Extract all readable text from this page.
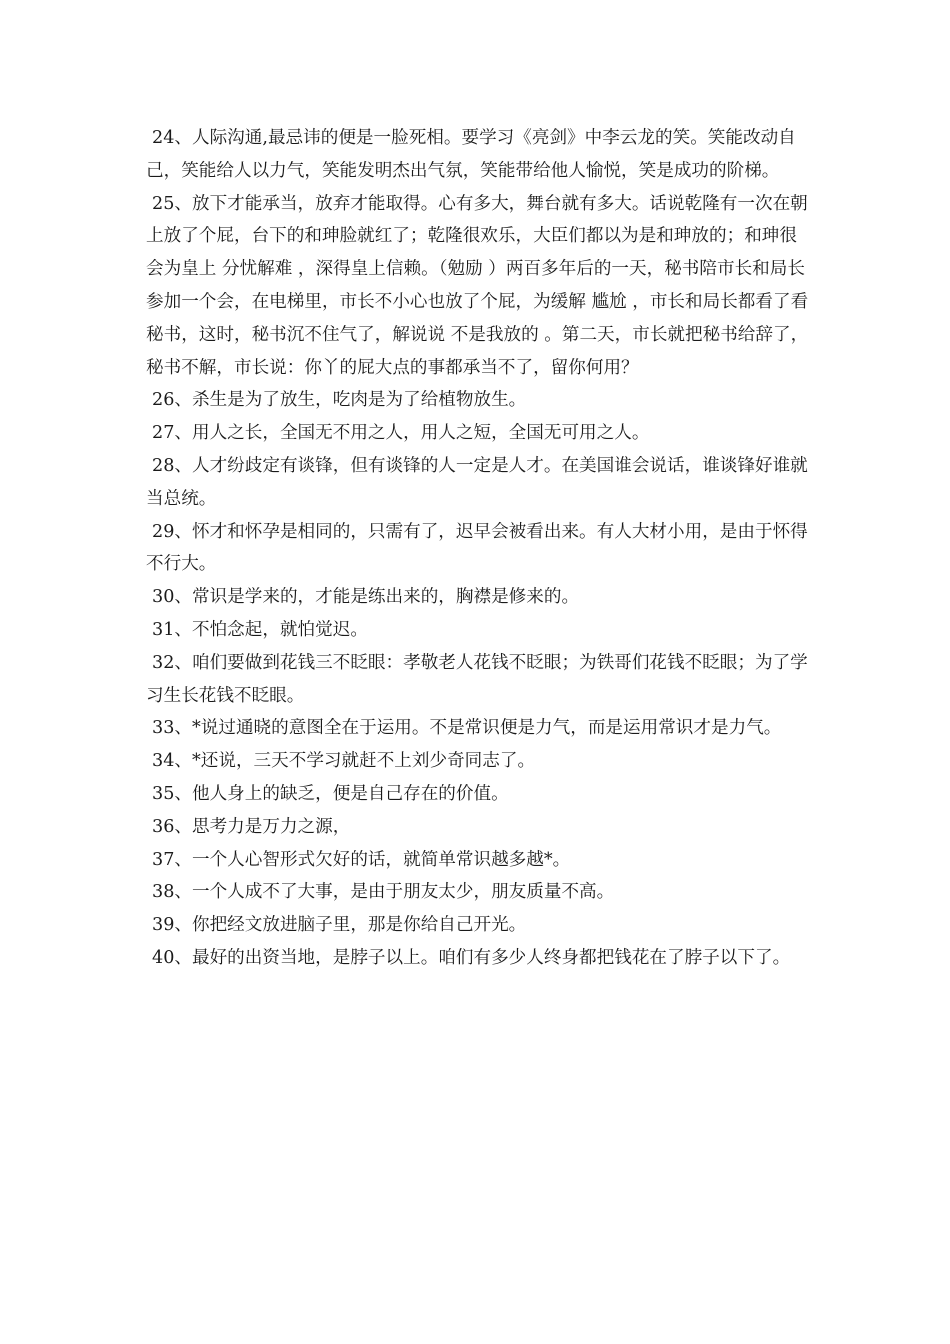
24、人际沟通,最忌讳的便是一脸死相。要学习《亮剑》中李云龙的笑。笑能改动自己，笑能给人以力气，笑能发明杰出气氛，笑能带给他人愉悦，笑是成功的阶梯。

25、放下才能承当，放弃才能取得。心有多大，舞台就有多大。话说乾隆有一次在朝上放了个屁，台下的和珅脸就红了；乾隆很欢乐，大臣们都以为是和珅放的；和珅很会为皇上 分忧解难 ，深得皇上信赖。（勉励 ）两百多年后的一天，秘书陪市长和局长参加一个会，在电梯里，市长不小心也放了个屁，为缓解 尴尬 ，市长和局长都看了看秘书，这时，秘书沉不住气了，解说说 不是我放的 。第二天，市长就把秘书给辞了，秘书不解，市长说：你丫的屁大点的事都承当不了，留你何用？

26、杀生是为了放生，吃肉是为了给植物放生。

27、用人之长，全国无不用之人，用人之短，全国无可用之人。

28、人才纷歧定有谈锋，但有谈锋的人一定是人才。在美国谁会说话，谁谈锋好谁就当总统。

29、怀才和怀孕是相同的，只需有了，迟早会被看出来。有人大材小用，是由于怀得不行大。

30、常识是学来的，才能是练出来的，胸襟是修来的。

31、不怕念起，就怕觉迟。

32、咱们要做到花钱三不眨眼：孝敬老人花钱不眨眼；为铁哥们花钱不眨眼；为了学习生长花钱不眨眼。

33、*说过通晓的意图全在于运用。不是常识便是力气，而是运用常识才是力气。

34、*还说，三天不学习就赶不上刘少奇同志了。

35、他人身上的缺乏，便是自己存在的价值。

36、思考力是万力之源，

37、一个人心智形式欠好的话，就简单常识越多越*。

38、一个人成不了大事，是由于朋友太少，朋友质量不高。

39、你把经文放进脑子里，那是你给自己开光。

40、最好的出资当地，是脖子以上。咱们有多少人终身都把钱花在了脖子以下了。
